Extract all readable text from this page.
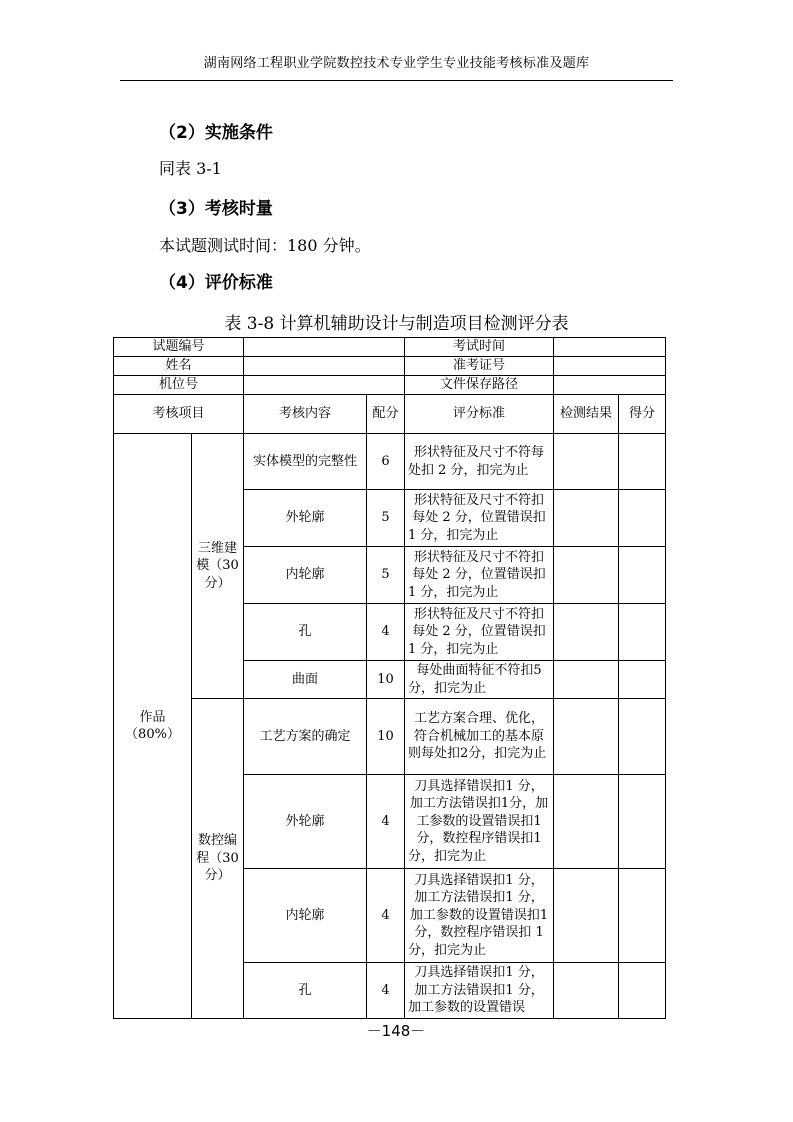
湖南网络工程职业学院数控技术专业学生专业技能考核标准及题库
（2）实施条件
同表 3-1
（3）考核时量
本试题测试时间：180 分钟。
（4）评价标准
表 3-8 计算机辅助设计与制造项目检测评分表
试题编号				考试时间		
姓名				准考证号		
机位号				文件保存路径		
考核项目		考核内容	配分	评分标准	检测结果	得分
作品（80%）	三维建模（30分）	实体模型的完整性	6	形状特征及尺寸不符每处扣 2 分，扣完为止		
		外轮廓	5	形状特征及尺寸不符扣每处 2 分，位置错误扣 1 分，扣完为止		
		内轮廓	5	形状特征及尺寸不符扣每处 2 分，位置错误扣 1 分，扣完为止		
		孔	4	形状特征及尺寸不符扣每处 2 分，位置错误扣 1 分，扣完为止		
		曲面	10	每处曲面特征不符扣5分，扣完为止		
	数控编程（30分）	工艺方案的确定	10	工艺方案合理、优化，符合机械加工的基本原则每处扣2分，扣完为止		
		外轮廓	4	刀具选择错误扣1 分，加工方法错误扣1分，加工参数的设置错误扣1分，数控程序错误扣1分，扣完为止		
		内轮廓	4	刀具选择错误扣1 分，加工方法错误扣1 分，加工参数的设置错误扣1分，数控程序错误扣 1分，扣完为止		
		孔	4	刀具选择错误扣1 分，加工方法错误扣1 分，加工参数的设置错误		
－148－
